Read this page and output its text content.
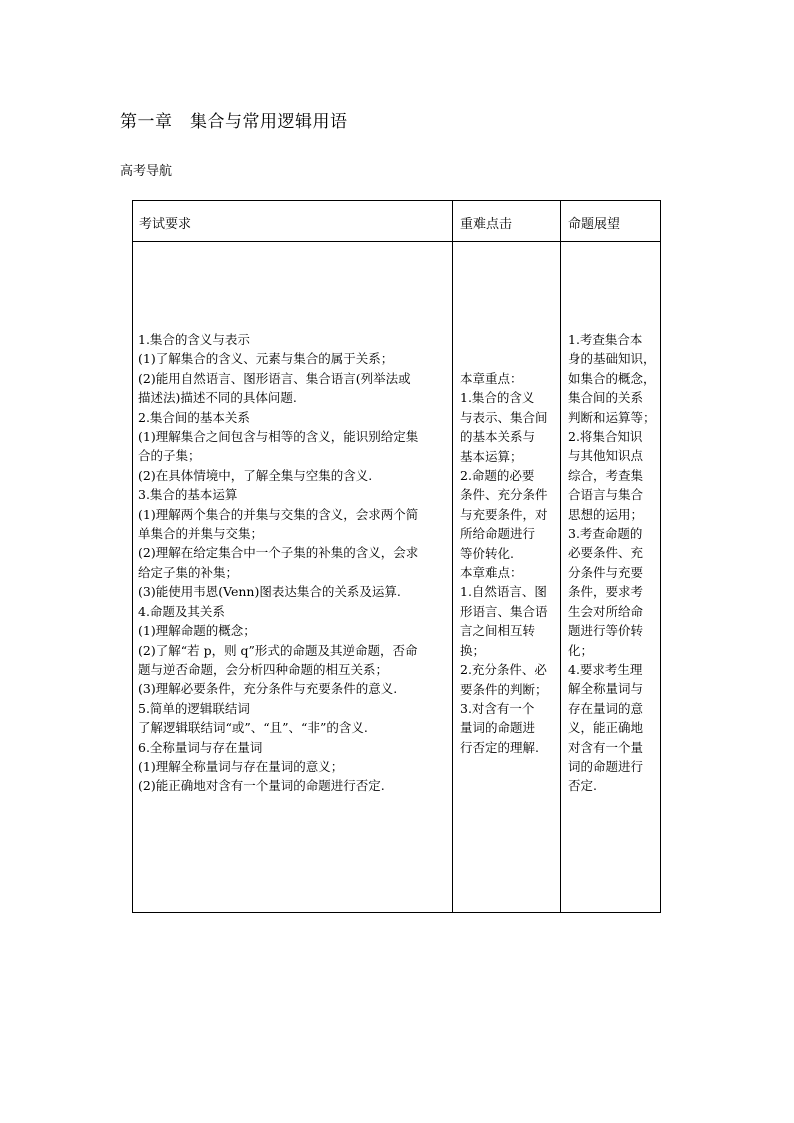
第一章　集合与常用逻辑用语
高考导航
考试要求	重难点击	命题展望
1.集合的含义与表示
(1)了解集合的含义、元素与集合的属于关系；
(2)能用自然语言、图形语言、集合语言(列举法或
描述法)描述不同的具体问题.
2.集合间的基本关系
(1)理解集合之间包含与相等的含义，能识别给定集
合的子集；
(2)在具体情境中，了解全集与空集的含义.
3.集合的基本运算
(1)理解两个集合的并集与交集的含义，会求两个简
单集合的并集与交集；
(2)理解在给定集合中一个子集的补集的含义，会求
给定子集的补集；
(3)能使用韦恩(Venn)图表达集合的关系及运算.
4.命题及其关系
(1)理解命题的概念；
(2)了解“若 p，则 q”形式的命题及其逆命题，否命
题与逆否命题，会分析四种命题的相互关系；
(3)理解必要条件，充分条件与充要条件的意义.
5.简单的逻辑联结词
了解逻辑联结词“或”、“且”、“非”的含义.
6.全称量词与存在量词
(1)理解全称量词与存在量词的意义；
(2)能正确地对含有一个量词的命题进行否定.
本章重点：
1.集合的含义
与表示、集合间
的基本关系与
基本运算；
2.命题的必要
条件、充分条件
与充要条件，对
所给命题进行
等价转化.
本章难点：
1.自然语言、图
形语言、集合语
言之间相互转
换；
2.充分条件、必
要条件的判断；
3.对含有一个
量词的命题进
行否定的理解.
1.考查集合本
身的基础知识，
如集合的概念，
集合间的关系
判断和运算等；
2.将集合知识
与其他知识点
综合，考查集
合语言与集合
思想的运用；
3.考查命题的
必要条件、充
分条件与充要
条件，要求考
生会对所给命
题进行等价转
化；
4.要求考生理
解全称量词与
存在量词的意
义，能正确地
对含有一个量
词的命题进行
否定.
